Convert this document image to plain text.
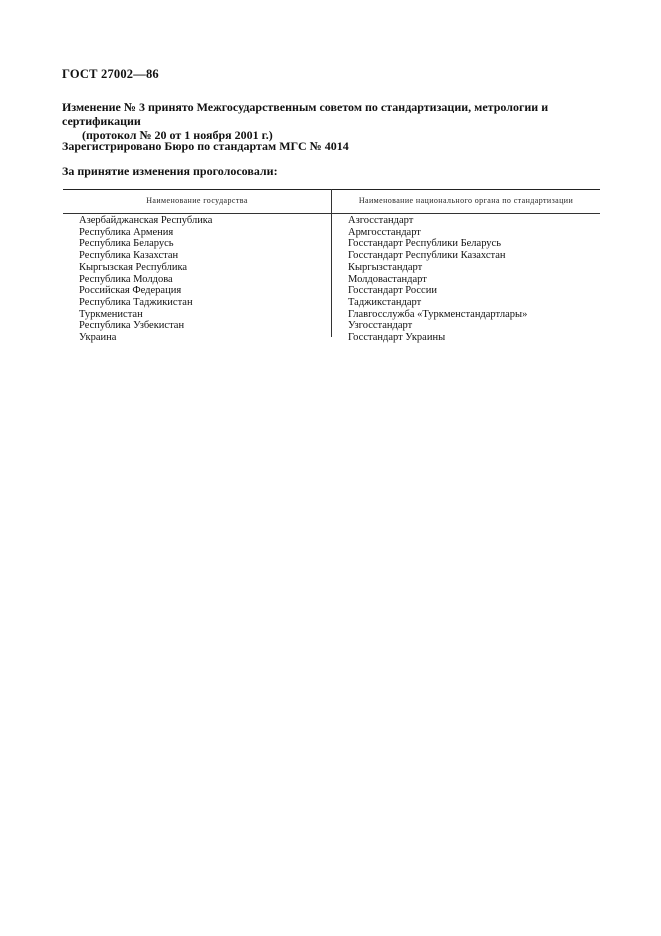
ГОСТ 27002—86
Изменение № 3 принято Межгосударственным советом по стандартизации, метрологии и сертификации
(протокол № 20 от 1 ноября 2001 г.)
Зарегистрировано Бюро по стандартам МГС № 4014
За принятие изменения проголосовали:
Наименование государства	Наименование национального органа по стандартизации
Азербайджанская Республика
Республика Армения
Республика Беларусь
Республика Казахстан
Кыргызская Республика
Республика Молдова
Российская Федерация
Республика Таджикистан
Туркменистан
Республика Узбекистан
Украина
Азгосстандарт
Армгосстандарт
Госстандарт Республики Беларусь
Госстандарт Республики Казахстан
Кыргызстандарт
Молдовастандарт
Госстандарт России
Таджикстандарт
Главгосслужба «Туркменстандартлары»
Узгосстандарт
Госстандарт Украины
